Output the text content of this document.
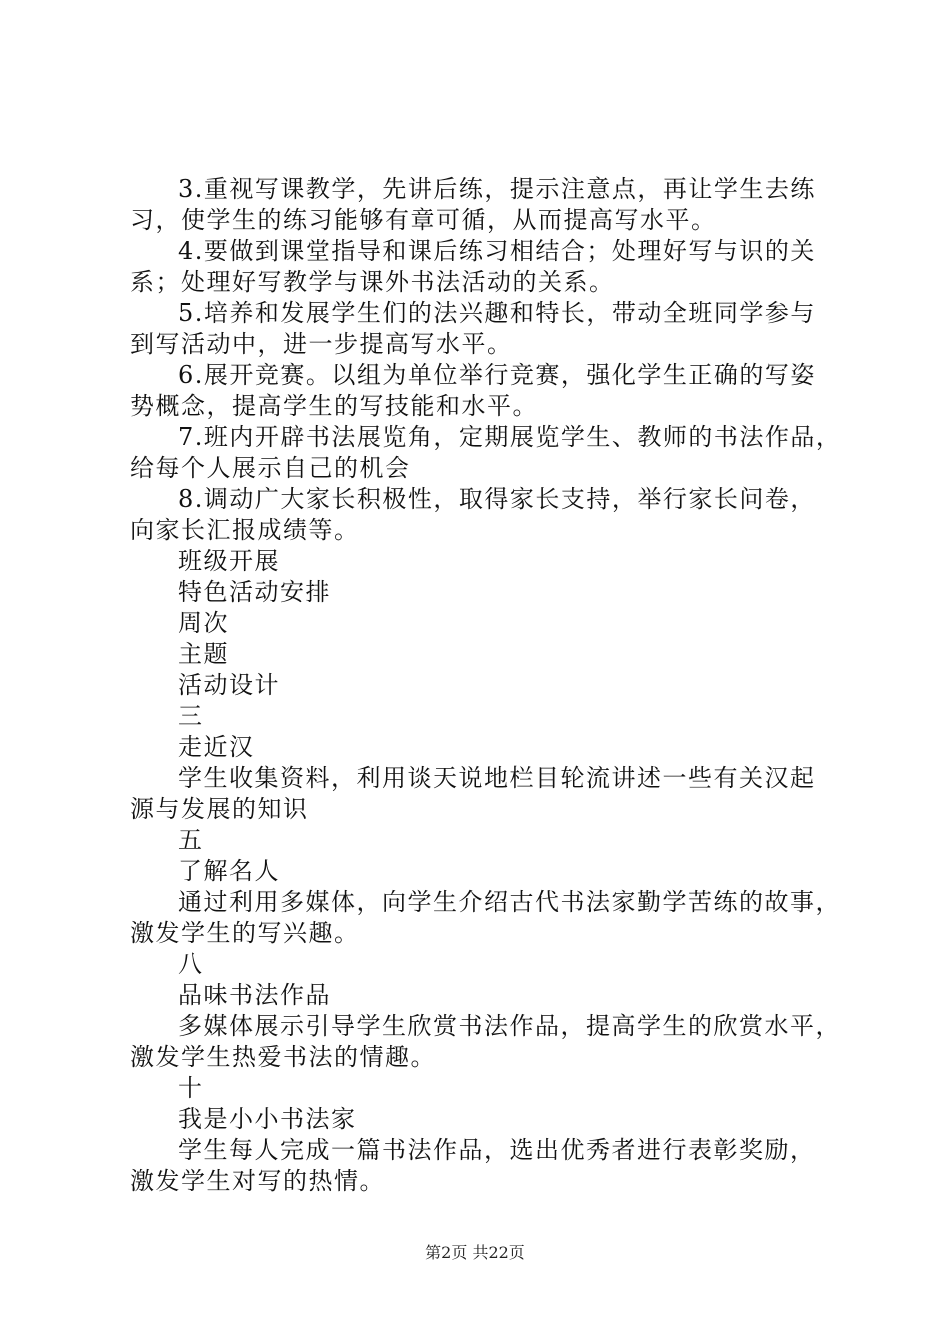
3.重视写课教学，先讲后练，提示注意点，再让学生去练
习，使学生的练习能够有章可循，从而提高写水平。
4.要做到课堂指导和课后练习相结合；处理好写与识的关
系；处理好写教学与课外书法活动的关系。
5.培养和发展学生们的法兴趣和特长，带动全班同学参与
到写活动中，进一步提高写水平。
6.展开竞赛。以组为单位举行竞赛，强化学生正确的写姿
势概念，提高学生的写技能和水平。
7.班内开辟书法展览角，定期展览学生、教师的书法作品，
给每个人展示自己的机会
8.调动广大家长积极性，取得家长支持，举行家长问卷，
向家长汇报成绩等。
班级开展
特色活动安排
周次
主题
活动设计
三
走近汉
学生收集资料，利用谈天说地栏目轮流讲述一些有关汉起
源与发展的知识
五
了解名人
通过利用多媒体，向学生介绍古代书法家勤学苦练的故事，
激发学生的写兴趣。
八
品味书法作品
多媒体展示引导学生欣赏书法作品，提高学生的欣赏水平，
激发学生热爱书法的情趣。
十
我是小小书法家
学生每人完成一篇书法作品，选出优秀者进行表彰奖励，
激发学生对写的热情。
第2页 共22页
